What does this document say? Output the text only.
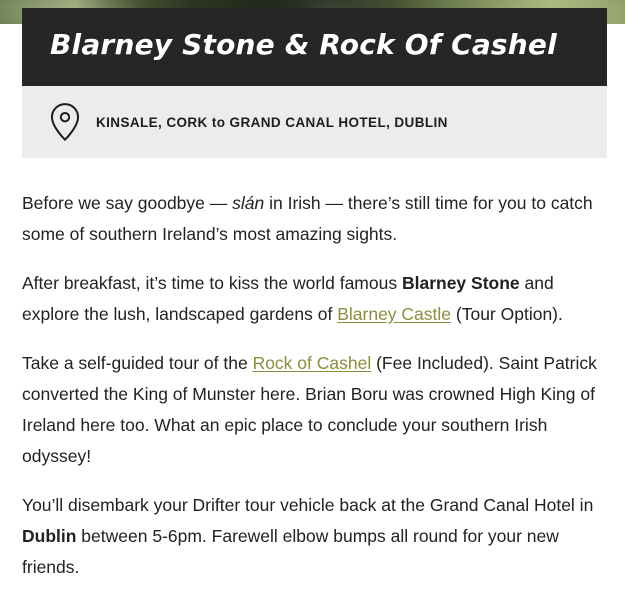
Blarney Stone & Rock Of Cashel
KINSALE, CORK to GRAND CANAL HOTEL, DUBLIN

Before we say goodbye — slán in Irish — there’s still time for you to catch some of southern Ireland’s most amazing sights.

After breakfast, it’s time to kiss the world famous Blarney Stone and explore the lush, landscaped gardens of Blarney Castle (Tour Option).

Take a self-guided tour of the Rock of Cashel (Fee Included). Saint Patrick converted the King of Munster here. Brian Boru was crowned High King of Ireland here too. What an epic place to conclude your southern Irish odyssey!

You’ll disembark your Drifter tour vehicle back at the Grand Canal Hotel in Dublin between 5-6pm. Farewell elbow bumps all round for your new friends.
